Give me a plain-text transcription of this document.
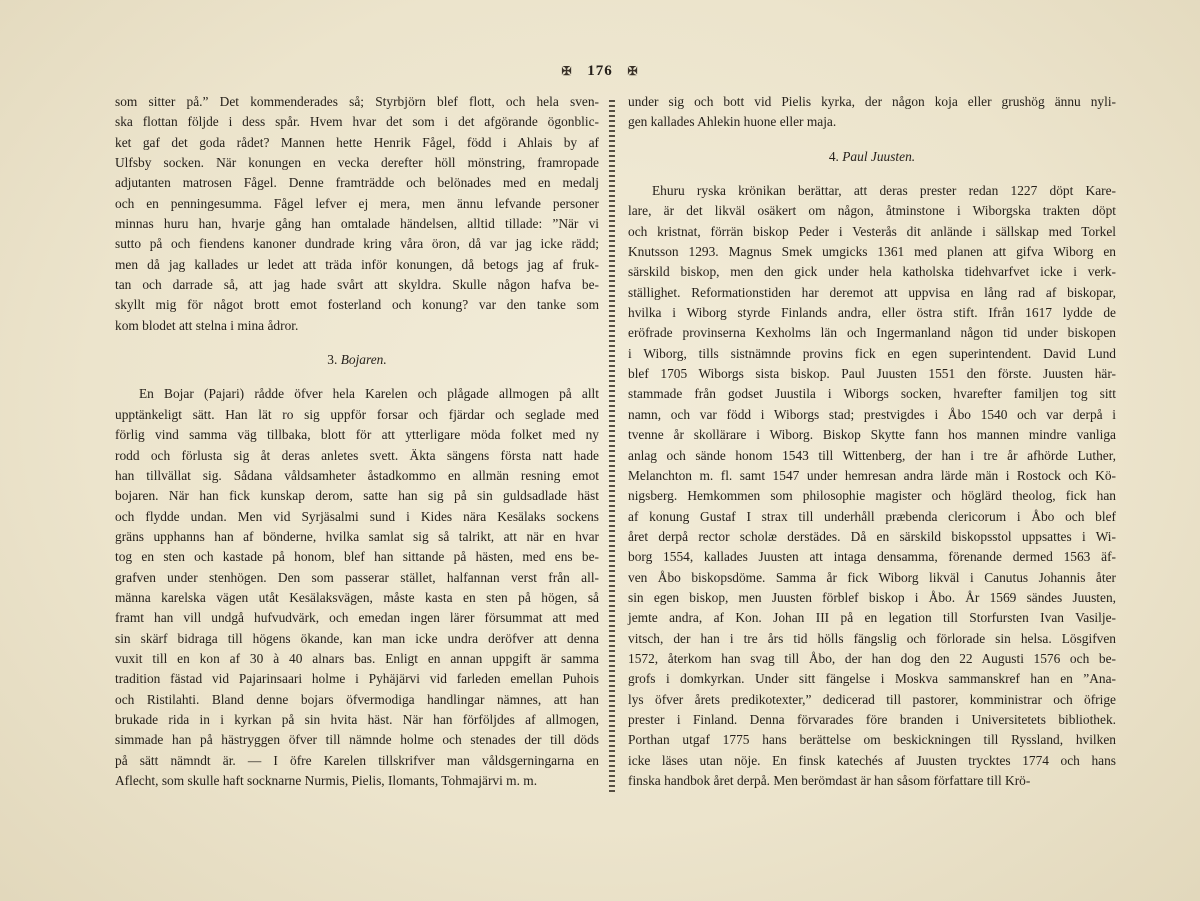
✠ 176 ✠

som sitter på.” Det kommenderades så; Styrbjörn blef flott, och hela sven-
ska flottan följde i dess spår. Hvem hvar det som i det afgörande ögonblic-
ket gaf det goda rådet? Mannen hette Henrik Fågel, född i Ahlais by af
Ulfsby socken. När konungen en vecka derefter höll mönstring, framropade
adjutanten matrosen Fågel. Denne framträdde och belönades med en medalj
och en penningesumma. Fågel lefver ej mera, men ännu lefvande personer
minnas huru han, hvarje gång han omtalade händelsen, alltid tillade: ”När vi
sutto på och fiendens kanoner dundrade kring våra öron, då var jag icke rädd;
men då jag kallades ur ledet att träda inför konungen, då betogs jag af fruk-
tan och darrade så, att jag hade svårt att skyldra. Skulle någon hafva be-
skyllt mig för något brott emot fosterland och konung? var den tanke som
kom blodet att stelna i mina ådror.

3. Bojaren.

En Bojar (Pajari) rådde öfver hela Karelen och plågade allmogen på allt
upptänkeligt sätt. Han lät ro sig uppför forsar och fjärdar och seglade med
förlig vind samma väg tillbaka, blott för att ytterligare möda folket med ny
rodd och förlusta sig åt deras anletes svett. Äkta sängens första natt hade
han tillvällat sig. Sådana våldsamheter åstadkommo en allmän resning emot
bojaren. När han fick kunskap derom, satte han sig på sin guldsadlade häst
och flydde undan. Men vid Syrjäsalmi sund i Kides nära Kesälaks sockens
gräns upphanns han af bönderne, hvilka samlat sig så talrikt, att när en hvar
tog en sten och kastade på honom, blef han sittande på hästen, med ens be-
grafven under stenhögen. Den som passerar stället, halfannan verst från all-
männa karelska vägen utåt Kesälaksvägen, måste kasta en sten på högen, så
framt han vill undgå hufvudvärk, och emedan ingen lärer försummat att med
sin skärf bidraga till högens ökande, kan man icke undra deröfver att denna
vuxit till en kon af 30 à 40 alnars bas. Enligt en annan uppgift är samma
tradition fästad vid Pajarinsaari holme i Pyhäjärvi vid farleden emellan Puhois
och Ristilahti. Bland denne bojars öfvermodiga handlingar nämnes, att han
brukade rida in i kyrkan på sin hvita häst. När han förföljdes af allmogen,
simmade han på hästryggen öfver till nämnde holme och stenades der till döds
på sätt nämndt är. — I öfre Karelen tillskrifver man våldsgerningarna en
Aflecht, som skulle haft socknarne Nurmis, Pielis, Ilomants, Tohmajärvi m. m.

under sig och bott vid Pielis kyrka, der någon koja eller grushög ännu nyli-
gen kallades Ahlekin huone eller maja.

4. Paul Juusten.

Ehuru ryska krönikan berättar, att deras prester redan 1227 döpt Kare-
lare, är det likväl osäkert om någon, åtminstone i Wiborgska trakten döpt
och kristnat, förrän biskop Peder i Vesterås dit anlände i sällskap med Torkel
Knutsson 1293. Magnus Smek umgicks 1361 med planen att gifva Wiborg en
särskild biskop, men den gick under hela katholska tidehvarfvet icke i verk-
ställighet. Reformationstiden har deremot att uppvisa en lång rad af biskopar,
hvilka i Wiborg styrde Finlands andra, eller östra stift. Ifrån 1617 lydde de
eröfrade provinserna Kexholms län och Ingermanland någon tid under biskopen
i Wiborg, tills sistnämnde provins fick en egen superintendent. David Lund
blef 1705 Wiborgs sista biskop. Paul Juusten 1551 den förste. Juusten här-
stammade från godset Juustila i Wiborgs socken, hvarefter familjen tog sitt
namn, och var född i Wiborgs stad; prestvigdes i Åbo 1540 och var derpå i
tvenne år skollärare i Wiborg. Biskop Skytte fann hos mannen mindre vanliga
anlag och sände honom 1543 till Wittenberg, der han i tre år afhörde Luther,
Melanchton m. fl. samt 1547 under hemresan andra lärde män i Rostock och Kö-
nigsberg. Hemkommen som philosophie magister och höglärd theolog, fick han
af konung Gustaf I strax till underhåll præbenda clericorum i Åbo och blef
året derpå rector scholæ derstädes. Då en särskild biskopsstol uppsattes i Wi-
borg 1554, kallades Juusten att intaga densamma, förenande dermed 1563 äf-
ven Åbo biskopsdöme. Samma år fick Wiborg likväl i Canutus Johannis åter
sin egen biskop, men Juusten förblef biskop i Åbo. År 1569 sändes Juusten,
jemte andra, af Kon. Johan III på en legation till Storfursten Ivan Vasilje-
vitsch, der han i tre års tid hölls fängslig och förlorade sin helsa. Lösgifven
1572, återkom han svag till Åbo, der han dog den 22 Augusti 1576 och be-
grofs i domkyrkan. Under sitt fängelse i Moskva sammanskref han en ”Ana-
lys öfver årets predikotexter,” dedicerad till pastorer, komministrar och öfrige
prester i Finland. Denna förvarades före branden i Universitetets bibliothek.
Porthan utgaf 1775 hans berättelse om beskickningen till Ryssland, hvilken
icke läses utan nöje. En finsk katechés af Juusten trycktes 1774 och hans
finska handbok året derpå. Men berömdast är han såsom författare till Krö-
